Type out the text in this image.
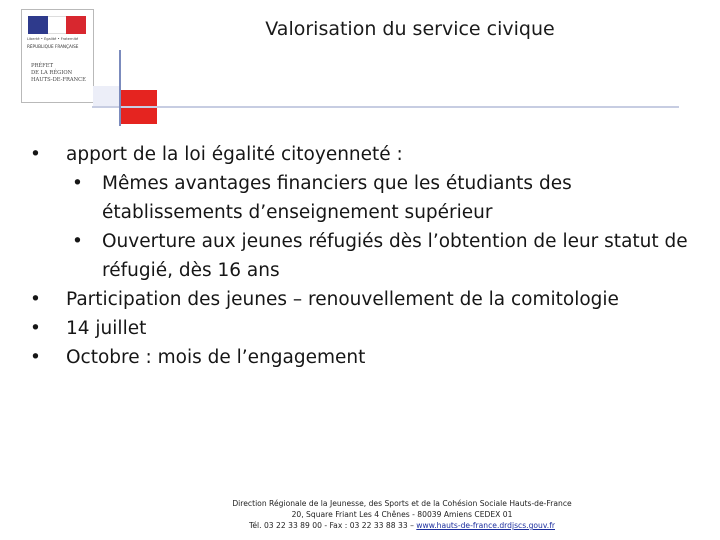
Liberté • Égalité • Fraternité
RÉPUBLIQUE FRANÇAISE
PRÉFET
DE LA RÉGION
HAUTS-DE-FRANCE
Valorisation du service civique
•	apport de la loi égalité citoyenneté :
•	Mêmes avantages financiers que les étudiants des établissements d’enseignement supérieur
•	Ouverture aux jeunes réfugiés dès l’obtention de leur statut de réfugié, dès 16 ans
•	Participation des jeunes – renouvellement de la comitologie
•	14 juillet
•	Octobre : mois de l’engagement
Direction Régionale de la Jeunesse, des Sports et de la Cohésion Sociale Hauts-de-France
20, Square Friant Les 4 Chênes - 80039 Amiens CEDEX 01
Tél. 03 22 33 89 00 - Fax : 03 22 33 88 33 – www.hauts-de-france.drdjscs.gouv.fr
